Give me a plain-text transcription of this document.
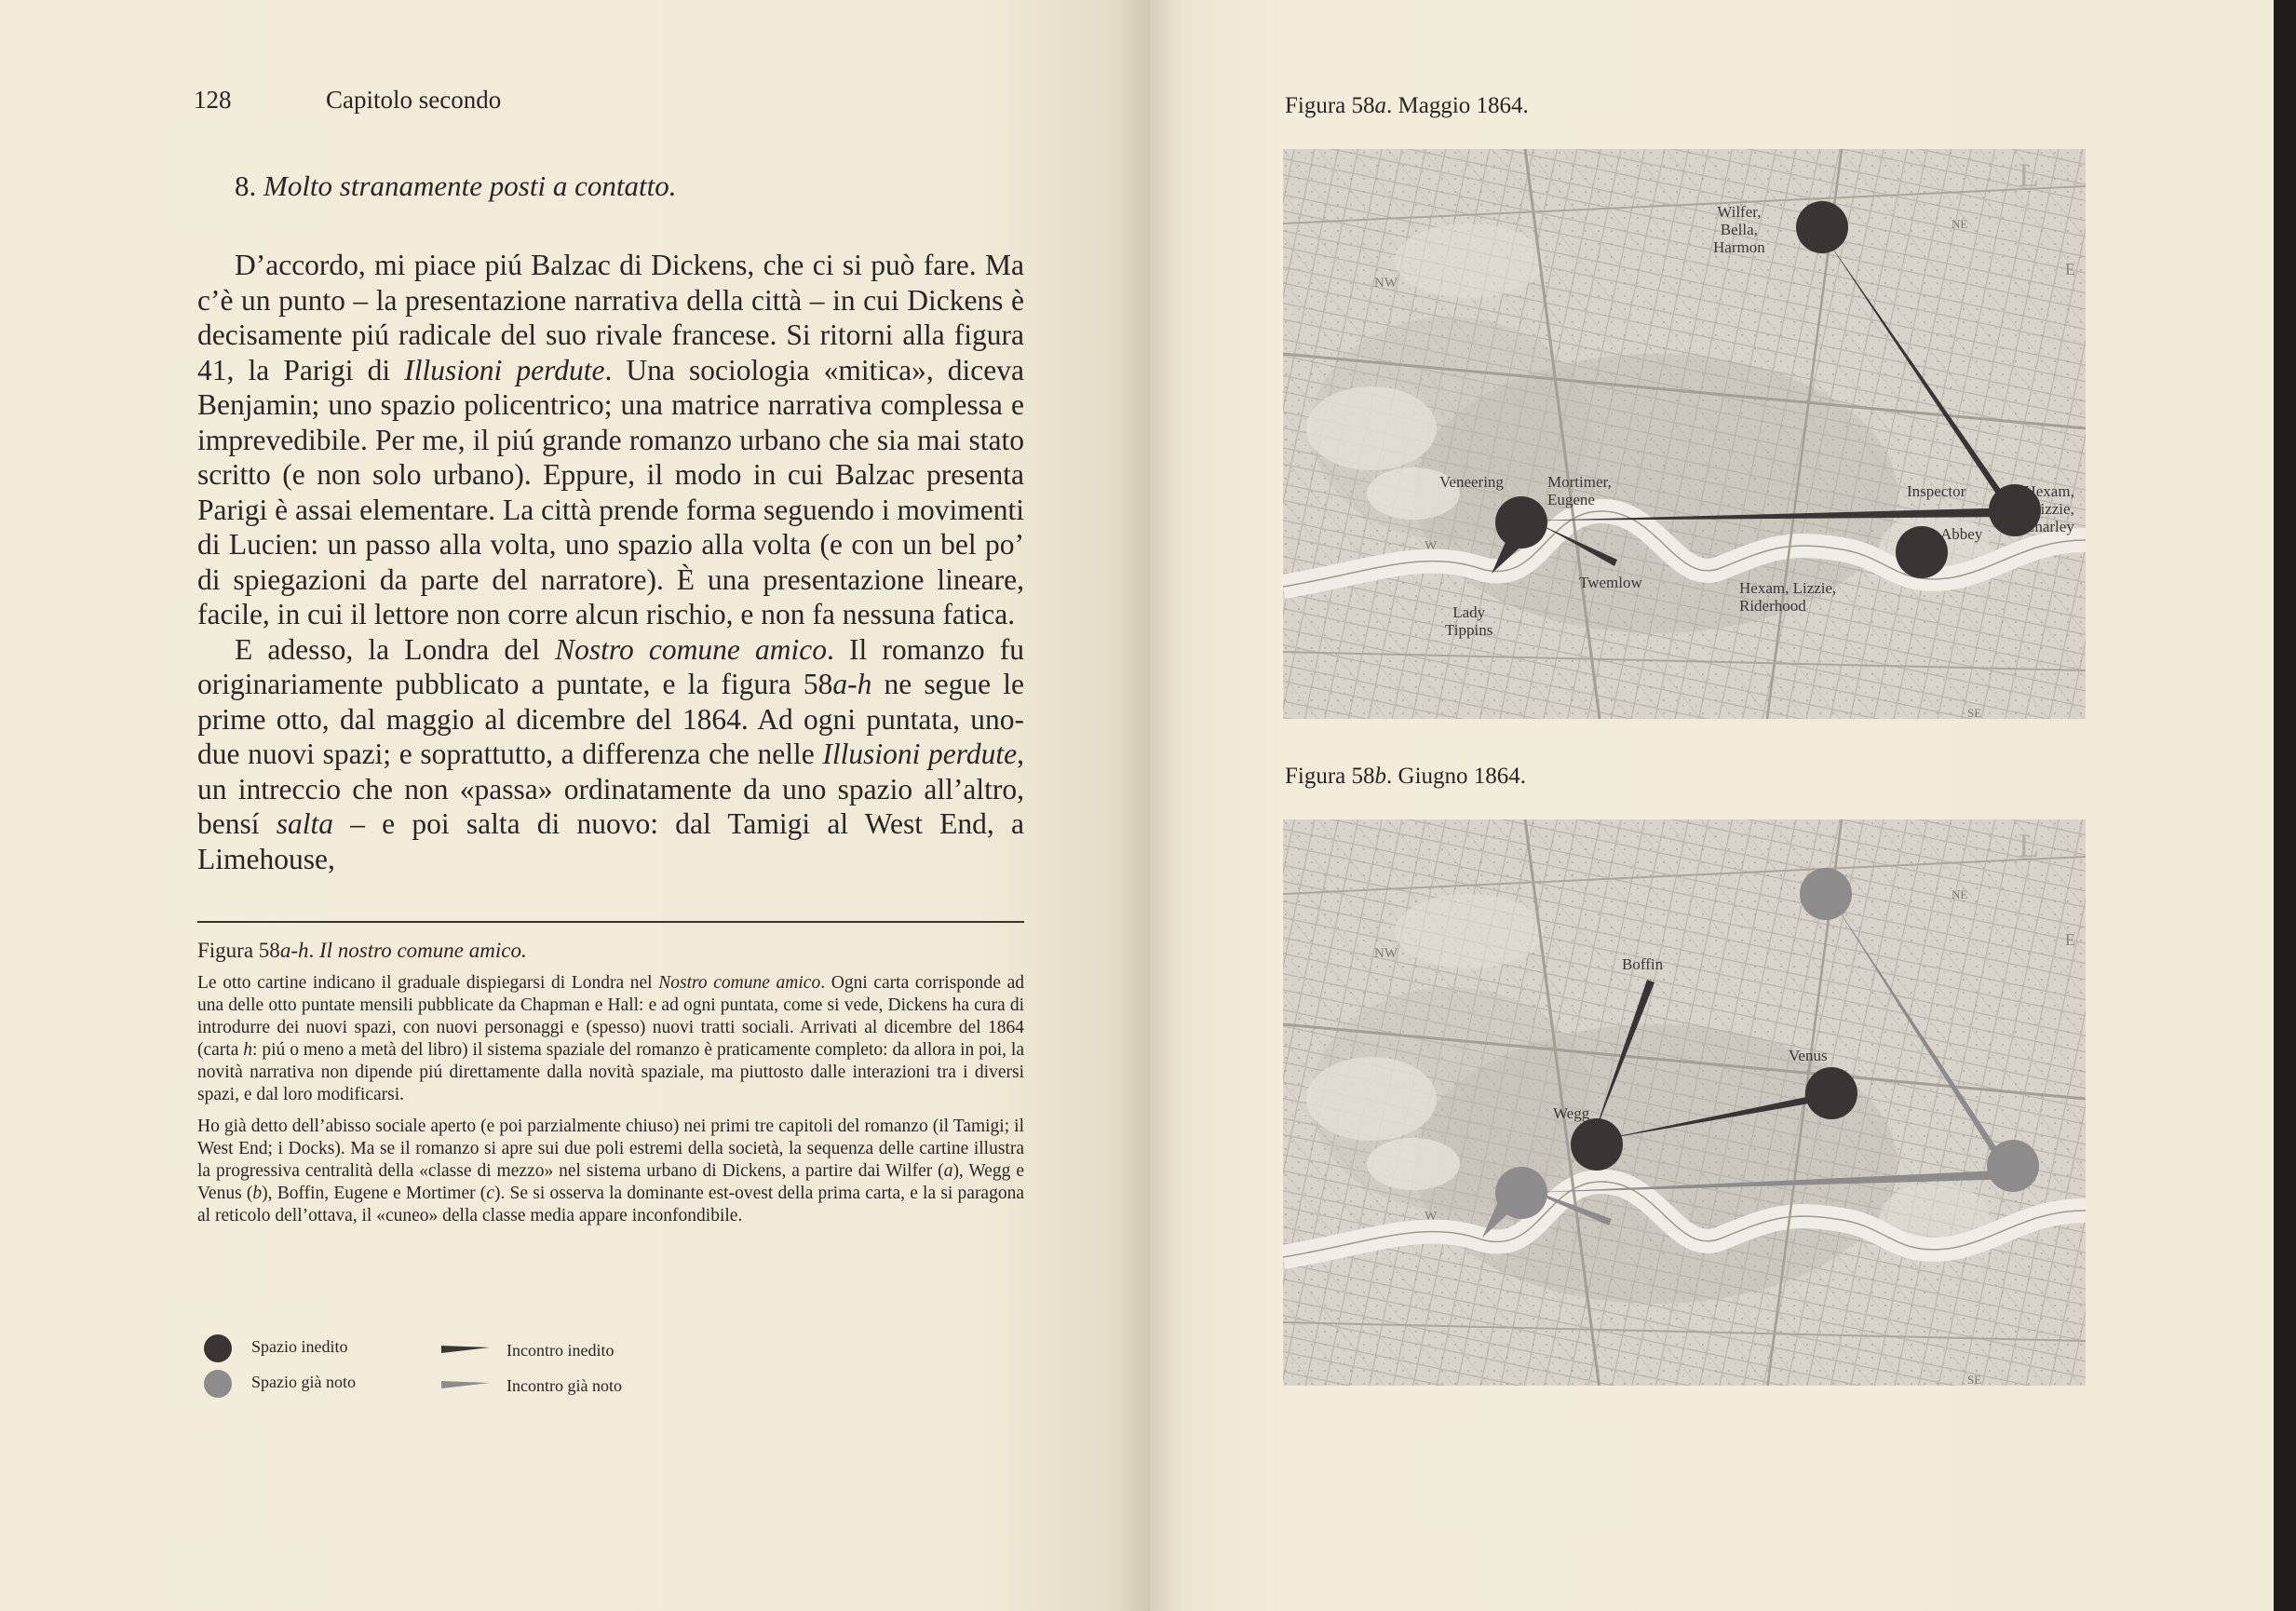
128	Capitolo secondo
8. Molto stranamente posti a contatto.

D’accordo, mi piace piú Balzac di Dickens, che ci si può fare. Ma c’è un punto – la presentazione narrativa della città – in cui Dickens è decisamente piú radicale del suo rivale francese. Si ritorni alla figura 41, la Parigi di Illusioni perdute. Una sociologia «mitica», diceva Benjamin; uno spazio policentrico; una matrice narrativa complessa e imprevedibile. Per me, il piú grande romanzo urbano che sia mai stato scritto (e non solo urbano). Eppure, il modo in cui Balzac presenta Parigi è assai elementare. La città prende forma seguendo i movimenti di Lucien: un passo alla volta, uno spazio alla volta (e con un bel po’ di spiegazioni da parte del narratore). È una presentazione lineare, facile, in cui il lettore non corre alcun rischio, e non fa nessuna fatica.

E adesso, la Londra del Nostro comune amico. Il romanzo fu originariamente pubblicato a puntate, e la figura 58a-h ne segue le prime otto, dal maggio al dicembre del 1864. Ad ogni puntata, uno-due nuovi spazi; e soprattutto, a differenza che nelle Illusioni perdute, un intreccio che non «passa» ordinatamente da uno spazio all’altro, bensí salta – e poi salta di nuovo: dal Tamigi al West End, a Limehouse,

Figura 58a-h. Il nostro comune amico.

Le otto cartine indicano il graduale dispiegarsi di Londra nel Nostro comune amico. Ogni carta corrisponde ad una delle otto puntate mensili pubblicate da Chapman e Hall: e ad ogni puntata, come si vede, Dickens ha cura di introdurre dei nuovi spazi, con nuovi personaggi e (spesso) nuovi tratti sociali. Arrivati al dicembre del 1864 (carta h: piú o meno a metà del libro) il sistema spaziale del romanzo è praticamente completo: da allora in poi, la novità narrativa non dipende piú direttamente dalla novità spaziale, ma piuttosto dalle interazioni tra i diversi spazi, e dal loro modificarsi.

Ho già detto dell’abisso sociale aperto (e poi parzialmente chiuso) nei primi tre capitoli del romanzo (il Tamigi; il West End; i Docks). Ma se il romanzo si apre sui due poli estremi della società, la sequenza delle cartine illustra la progressiva centralità della «classe di mezzo» nel sistema urbano di Dickens, a partire dai Wilfer (a), Wegg e Venus (b), Boffin, Eugene e Mortimer (c). Se si osserva la dominante est-ovest della prima carta, e la si paragona al reticolo dell’ottava, il «cuneo» della classe media appare inconfondibile.

Spazio inedito
Spazio già noto
Incontro inedito
Incontro già noto
Figura 58a. Maggio 1864.
NW
W
SE
NE
E
L
Wilfer,
Bella,
Harmon
Veneering	Mortimer,
Eugene	Inspector	Hexam,
Lizzie,
Charley
Abbey
Twemlow	Hexam, Lizzie,
Riderhood
Lady
Tippins
Figura 58b. Giugno 1864.
NW
W
SE
NE
E
L
Boffin
Venus
Wegg
